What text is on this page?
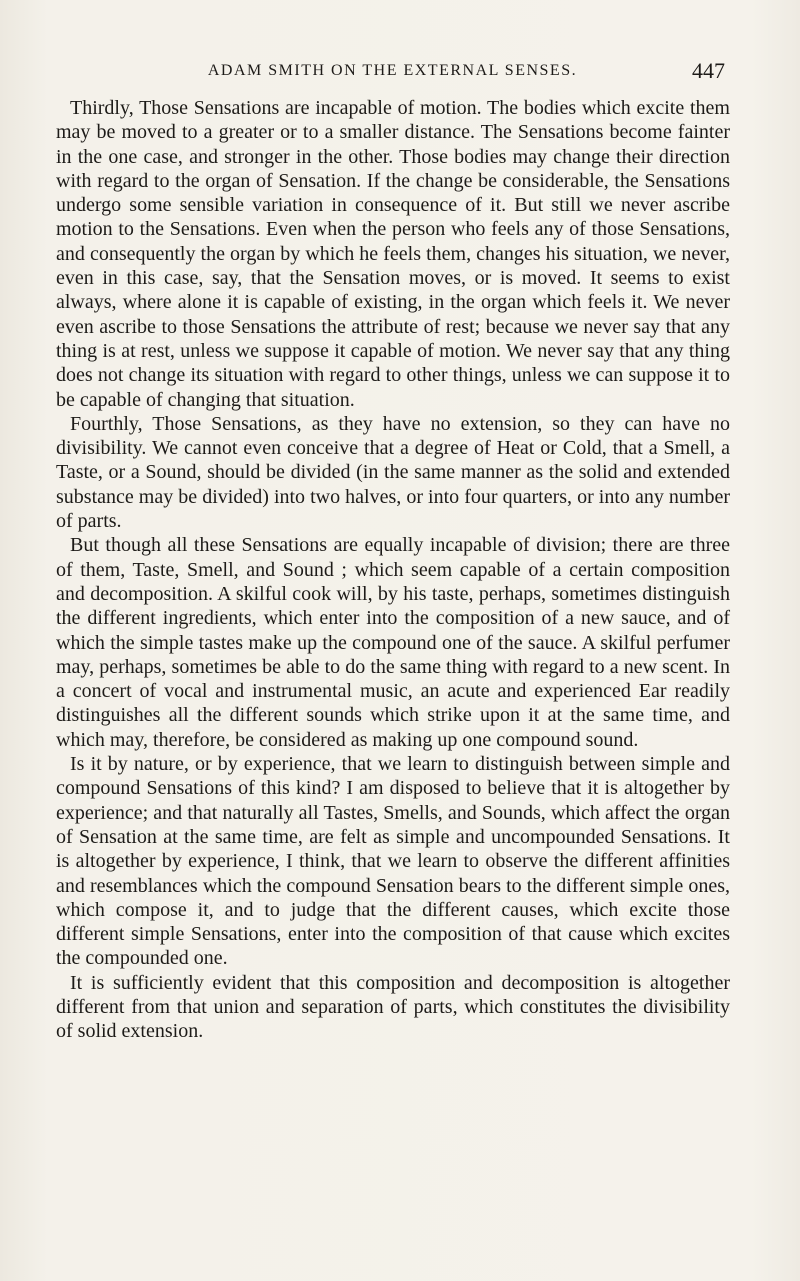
ADAM SMITH ON THE EXTERNAL SENSES.	447

Thirdly, Those Sensations are incapable of motion. The bodies which excite them may be moved to a greater or to a smaller distance. The Sensations become fainter in the one case, and stronger in the other. Those bodies may change their direction with regard to the organ of Sensation. If the change be considerable, the Sensations undergo some sensible variation in consequence of it. But still we never ascribe motion to the Sensations. Even when the person who feels any of those Sensations, and consequently the organ by which he feels them, changes his situation, we never, even in this case, say, that the Sensation moves, or is moved. It seems to exist always, where alone it is capable of existing, in the organ which feels it. We never even ascribe to those Sensations the attribute of rest; because we never say that any thing is at rest, unless we suppose it capable of motion. We never say that any thing does not change its situation with regard to other things, unless we can suppose it to be capable of changing that situation.

Fourthly, Those Sensations, as they have no extension, so they can have no divisibility. We cannot even conceive that a degree of Heat or Cold, that a Smell, a Taste, or a Sound, should be divided (in the same manner as the solid and extended substance may be divided) into two halves, or into four quarters, or into any number of parts.

But though all these Sensations are equally incapable of division; there are three of them, Taste, Smell, and Sound ; which seem capable of a certain composition and decomposition. A skilful cook will, by his taste, perhaps, sometimes distinguish the different ingredients, which enter into the composition of a new sauce, and of which the simple tastes make up the compound one of the sauce. A skilful perfumer may, perhaps, sometimes be able to do the same thing with regard to a new scent. In a concert of vocal and instrumental music, an acute and experienced Ear readily distinguishes all the different sounds which strike upon it at the same time, and which may, therefore, be considered as making up one compound sound.

Is it by nature, or by experience, that we learn to distinguish between simple and compound Sensations of this kind? I am disposed to believe that it is altogether by experience; and that naturally all Tastes, Smells, and Sounds, which affect the organ of Sensation at the same time, are felt as simple and uncompounded Sensations. It is altogether by experience, I think, that we learn to observe the different affinities and resemblances which the compound Sensation bears to the different simple ones, which compose it, and to judge that the different causes, which excite those different simple Sensations, enter into the composition of that cause which excites the compounded one.

It is sufficiently evident that this composition and decomposition is altogether different from that union and separation of parts, which constitutes the divisibility of solid extension.
